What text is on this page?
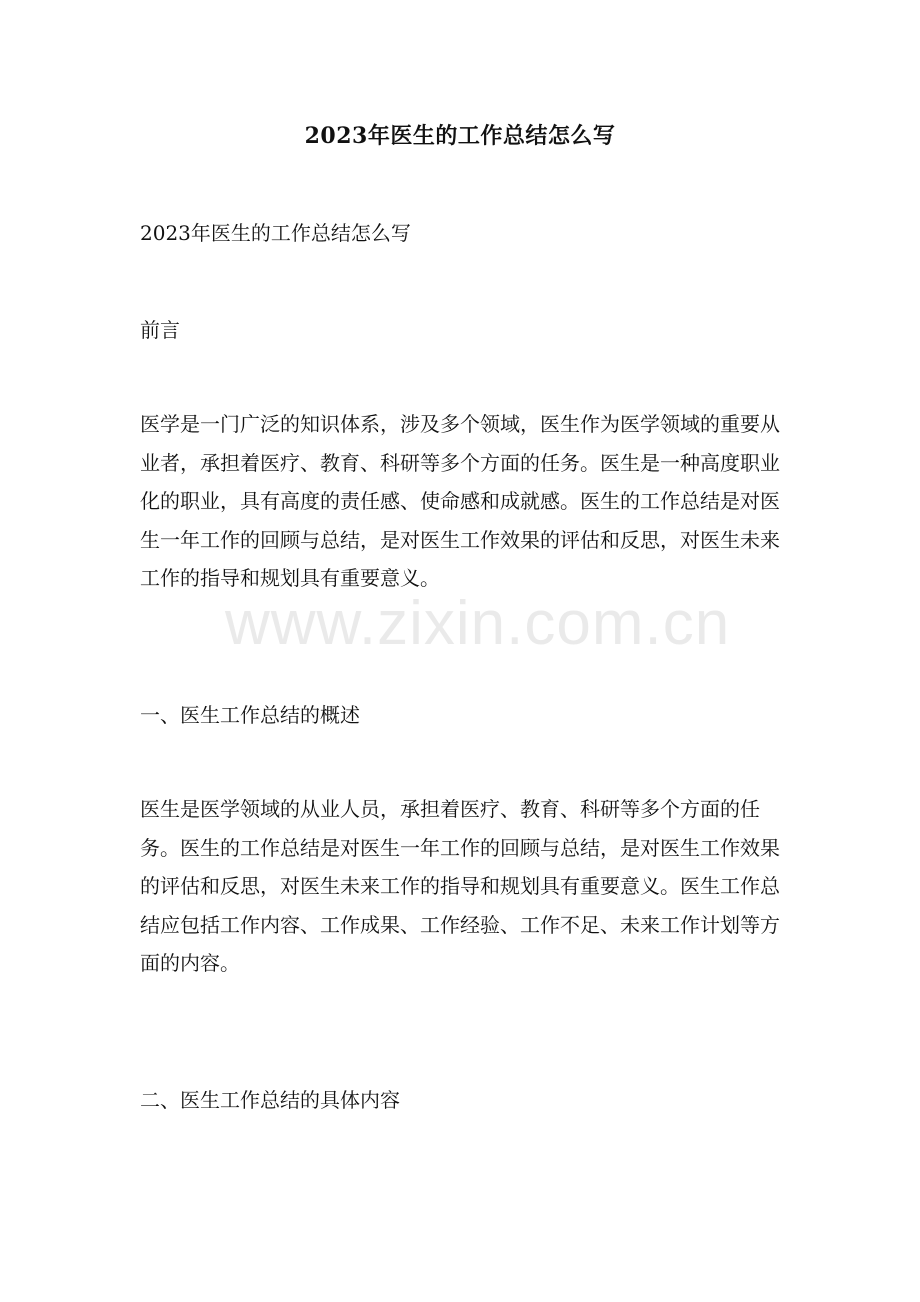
2023年医生的工作总结怎么写

2023年医生的工作总结怎么写

前言

医学是一门广泛的知识体系，涉及多个领域，医生作为医学领域的重要从业者，承担着医疗、教育、科研等多个方面的任务。医生是一种高度职业化的职业，具有高度的责任感、使命感和成就感。医生的工作总结是对医生一年工作的回顾与总结，是对医生工作效果的评估和反思，对医生未来工作的指导和规划具有重要意义。

一、医生工作总结的概述

医生是医学领域的从业人员，承担着医疗、教育、科研等多个方面的任务。医生的工作总结是对医生一年工作的回顾与总结，是对医生工作效果的评估和反思，对医生未来工作的指导和规划具有重要意义。医生工作总结应包括工作内容、工作成果、工作经验、工作不足、未来工作计划等方面的内容。

二、医生工作总结的具体内容

www.zixin.com.cn
